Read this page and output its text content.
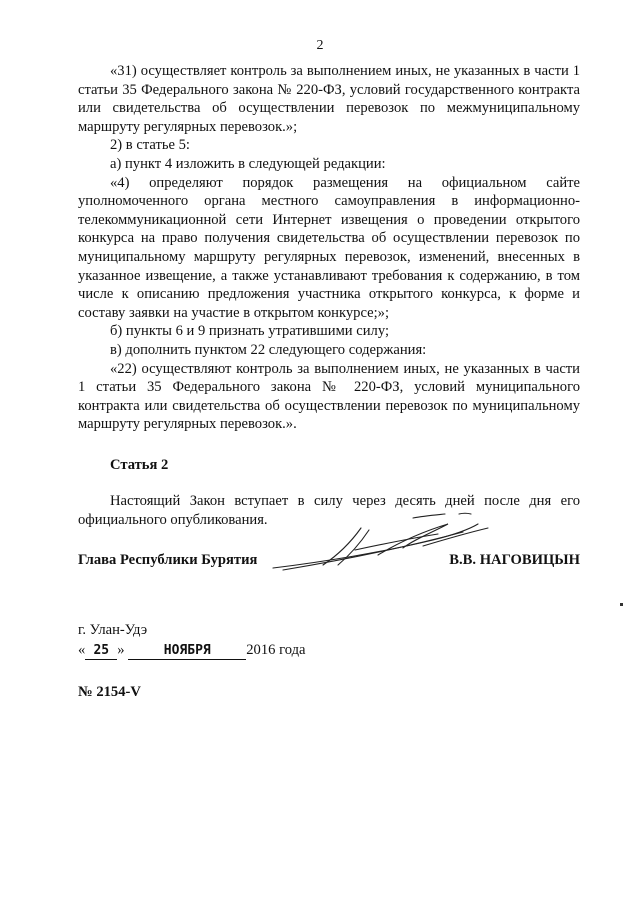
2

«31) осуществляет контроль за выполнением иных, не указанных в части 1 статьи 35 Федерального закона № 220-ФЗ, условий государственного контракта или свидетельства об осуществлении перевозок по межмуниципальному маршруту регулярных перевозок.»;

2) в статье 5:

а) пункт 4 изложить в следующей редакции:

«4) определяют порядок размещения на официальном сайте уполномоченного органа местного самоуправления в информационно-телекоммуникационной сети Интернет извещения о проведении открытого конкурса на право получения свидетельства об осуществлении перевозок по муниципальному маршруту регулярных перевозок, изменений, внесенных в указанное извещение, а также устанавливают требования к содержанию, в том числе к описанию предложения участника открытого конкурса, к форме и составу заявки на участие в открытом конкурсе;»;

б) пункты 6 и 9 признать утратившими силу;

в) дополнить пунктом 22 следующего содержания:

«22) осуществляют контроль за выполнением иных, не указанных в части 1 статьи 35 Федерального закона № 220-ФЗ, условий муниципального контракта или свидетельства об осуществлении перевозок по муниципальному маршруту регулярных перевозок.».

Статья 2

Настоящий Закон вступает в силу через десять дней после дня его официального опубликования.

Глава Республики Бурятия	В.В. НАГОВИЦЫН
г. Улан-Удэ
« 25 »	НОЯБРЯ 2016 года
№ 2154-V
